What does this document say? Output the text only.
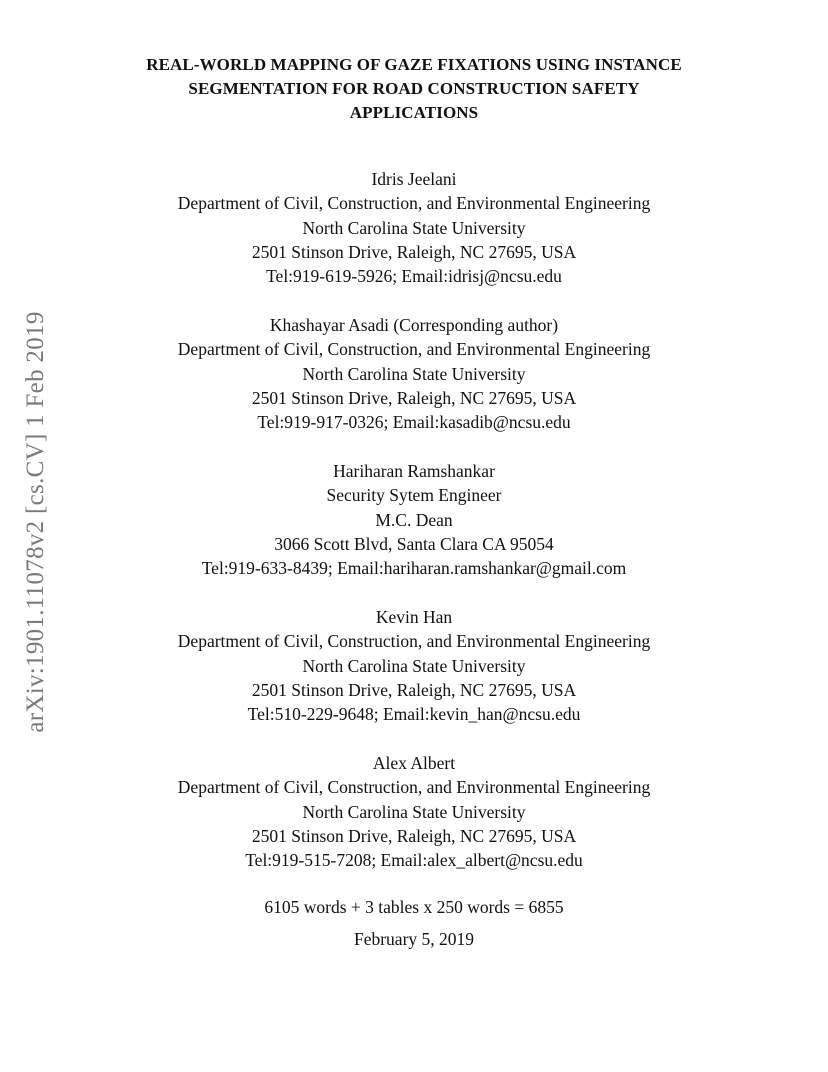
arXiv:1901.11078v2 [cs.CV] 1 Feb 2019
REAL-WORLD MAPPING OF GAZE FIXATIONS USING INSTANCE
SEGMENTATION FOR ROAD CONSTRUCTION SAFETY
APPLICATIONS
Idris Jeelani
Department of Civil, Construction, and Environmental Engineering
North Carolina State University
2501 Stinson Drive, Raleigh, NC 27695, USA
Tel:919-619-5926; Email:idrisj@ncsu.edu
Khashayar Asadi (Corresponding author)
Department of Civil, Construction, and Environmental Engineering
North Carolina State University
2501 Stinson Drive, Raleigh, NC 27695, USA
Tel:919-917-0326; Email:kasadib@ncsu.edu
Hariharan Ramshankar
Security Sytem Engineer
M.C. Dean
3066 Scott Blvd, Santa Clara CA 95054
Tel:919-633-8439; Email:hariharan.ramshankar@gmail.com
Kevin Han
Department of Civil, Construction, and Environmental Engineering
North Carolina State University
2501 Stinson Drive, Raleigh, NC 27695, USA
Tel:510-229-9648; Email:kevin_han@ncsu.edu
Alex Albert
Department of Civil, Construction, and Environmental Engineering
North Carolina State University
2501 Stinson Drive, Raleigh, NC 27695, USA
Tel:919-515-7208; Email:alex_albert@ncsu.edu
6105 words + 3 tables x 250 words = 6855
February 5, 2019
